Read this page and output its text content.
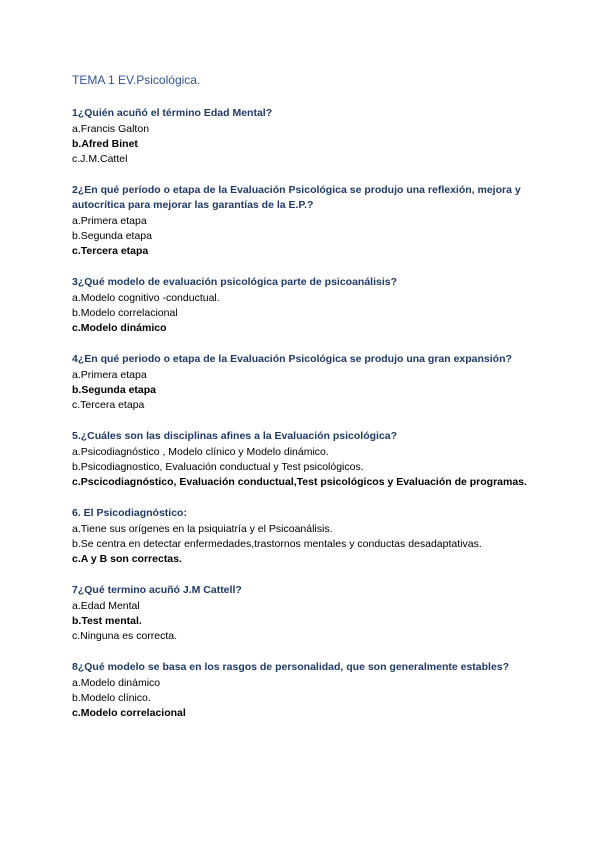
TEMA 1 EV.Psicológica.
1¿Quién acuñó el término Edad Mental?
a.Francis Galton
b.Afred Binet
c.J.M.Cattel
2¿En qué período o etapa de la Evaluación Psicológica se produjo una reflexión, mejora y autocrítica para mejorar las garantías de la E.P.?
a.Primera etapa
b.Segunda etapa
c.Tercera etapa
3¿Qué modelo de evaluación psicológica parte de psicoanálisis?
a.Modelo cognitivo -conductual.
b.Modelo correlacional
c.Modelo dinámico
4¿En qué periodo o etapa de la Evaluación Psicológica se produjo una gran expansión?
a.Primera etapa
b.Segunda etapa
c.Tercera etapa
5.¿Cuáles son las disciplinas afines a la Evaluación psicológica?
a.Psicodiagnóstico , Modelo clínico y Modelo dinámico.
b.Psicodiagnostico, Evaluación conductual y Test psicológicos.
c.Pscicodiagnóstico, Evaluación conductual,Test psicológicos y Evaluación de programas.
6. El Psicodiagnóstico:
a.Tiene sus orígenes en la psiquiatría y el Psicoanálisis.
b.Se centra en detectar enfermedades,trastornos mentales y conductas desadaptativas.
c.A y B son correctas.
7¿Qué termino acuñó J.M Cattell?
a.Edad Mental
b.Test mental.
c.Ninguna es correcta.
8¿Qué modelo se basa en los rasgos de personalidad, que son generalmente estables?
a.Modelo dinámico
b.Modelo clínico.
c.Modelo correlacional
